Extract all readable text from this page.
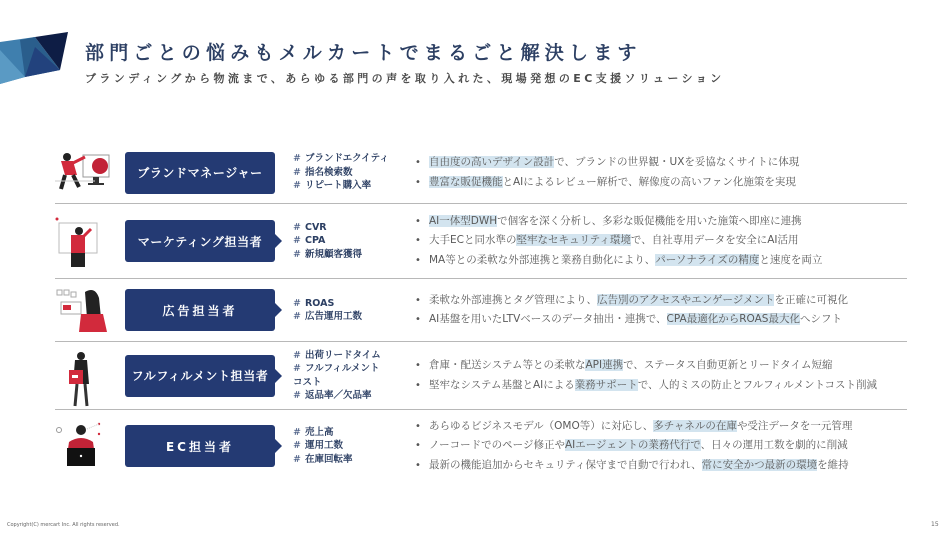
部門ごとの悩みもメルカートでまるごと解決します
ブランディングから物流まで、あらゆる部門の声を取り入れた、現場発想のEC支援ソリューション
ブランドマネージャー
# ブランドエクイティ
# 指名検索数
# リピート購入率
• 自由度の高いデザイン設計で、ブランドの世界観・UXを妥協なくサイトに体現
• 豊富な販促機能とAIによるレビュー解析で、解像度の高いファン化施策を実現
マーケティング担当者
# CVR
# CPA
# 新規顧客獲得
• AI一体型DWHで個客を深く分析し、多彩な販促機能を用いた施策へ即座に連携
• 大手ECと同水準の堅牢なセキュリティ環境で、自社専用データを安全にAI活用
• MA等との柔軟な外部連携と業務自動化により、パーソナライズの精度と速度を両立
広告担当者
# ROAS
# 広告運用工数
• 柔軟な外部連携とタグ管理により、広告別のアクセスやエンゲージメントを正確に可視化
• AI基盤を用いたLTVベースのデータ抽出・連携で、CPA最適化からROAS最大化へシフト
フルフィルメント担当者
# 出荷リードタイム
# フルフィルメントコスト
# 返品率／欠品率
• 倉庫・配送システム等との柔軟なAPI連携で、ステータス自動更新とリードタイム短縮
• 堅牢なシステム基盤とAIによる業務サポートで、人的ミスの防止とフルフィルメントコスト削減
EC担当者
# 売上高
# 運用工数
# 在庫回転率
• あらゆるビジネスモデル（OMO等）に対応し、多チャネルの在庫や受注データを一元管理
• ノーコードでのページ修正やAIエージェントの業務代行で、日々の運用工数を劇的に削減
• 最新の機能追加からセキュリティ保守まで自動で行われ、常に安全かつ最新の環境を維持
Copyright(C) mercart Inc. All rights reserved.	15
